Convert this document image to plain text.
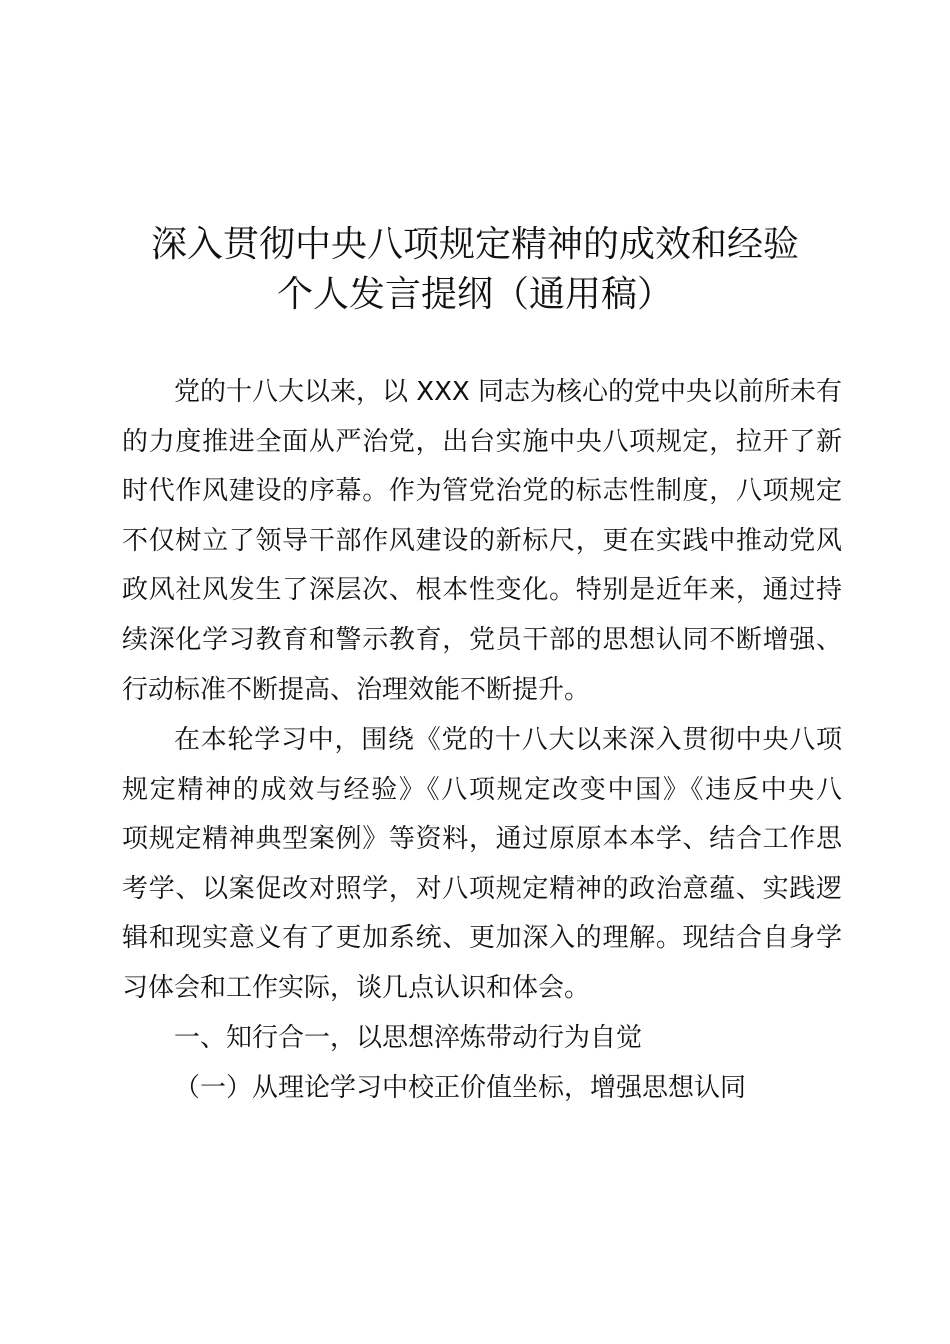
深入贯彻中央八项规定精神的成效和经验
个人发言提纲（通用稿）
党的十八大以来，以 XXX 同志为核心的党中央以前所未有
的力度推进全面从严治党，出台实施中央八项规定，拉开了新
时代作风建设的序幕。作为管党治党的标志性制度，八项规定
不仅树立了领导干部作风建设的新标尺，更在实践中推动党风
政风社风发生了深层次、根本性变化。特别是近年来，通过持
续深化学习教育和警示教育，党员干部的思想认同不断增强、
行动标准不断提高、治理效能不断提升。
在本轮学习中，围绕《党的十八大以来深入贯彻中央八项
规定精神的成效与经验》《八项规定改变中国》《违反中央八
项规定精神典型案例》等资料，通过原原本本学、结合工作思
考学、以案促改对照学，对八项规定精神的政治意蕴、实践逻
辑和现实意义有了更加系统、更加深入的理解。现结合自身学
习体会和工作实际，谈几点认识和体会。
一、知行合一，以思想淬炼带动行为自觉
（一）从理论学习中校正价值坐标，增强思想认同
